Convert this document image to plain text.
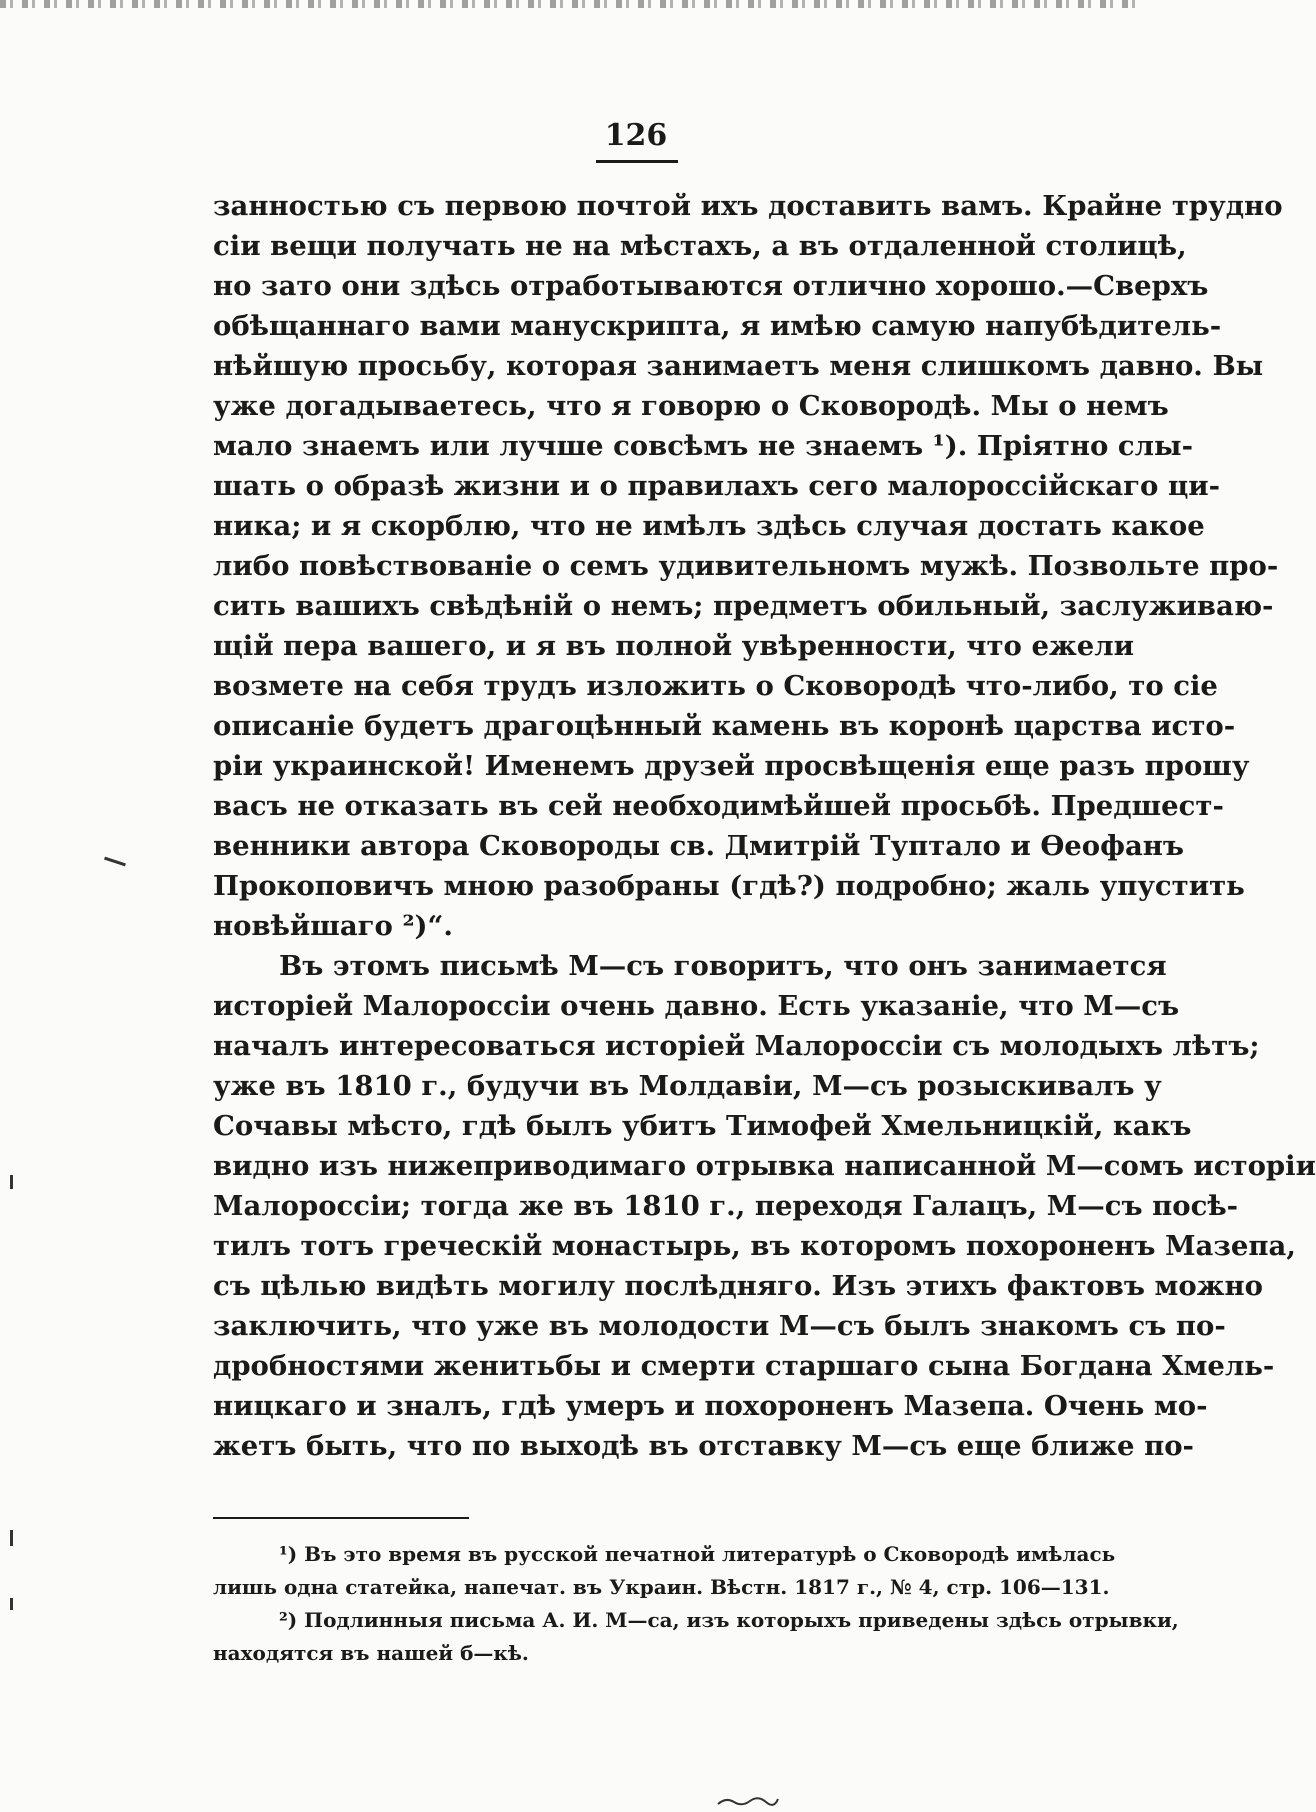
126
занностью съ первою почтой ихъ доставить вамъ. Крайне трудно
сіи вещи получать не на мѣстахъ, а въ отдаленной столицѣ,
но зато они здѣсь отработываются отлично хорошо.—Сверхъ
обѣщаннаго вами манускрипта, я имѣю самую напубѣдитель-
нѣйшую просьбу, которая занимаетъ меня слишкомъ давно. Вы
уже догадываетесь, что я говорю о Сковородѣ. Мы о немъ
мало знаемъ или лучше совсѣмъ не знаемъ ¹). Пріятно слы-
шать о образѣ жизни и о правилахъ сего малороссійскаго ци-
ника; и я скорблю, что не имѣлъ здѣсь случая достать какое
либо повѣствованіе о семъ удивительномъ мужѣ. Позвольте про-
сить вашихъ свѣдѣній о немъ; предметъ обильный, заслуживаю-
щій пера вашего, и я въ полной увѣренности, что ежели
возмете на себя трудъ изложить о Сковородѣ что-либо, то сіе
описаніе будетъ драгоцѣнный камень въ коронѣ царства исто-
ріи украинской! Именемъ друзей просвѣщенія еще разъ прошу
васъ не отказать въ сей необходимѣйшей просьбѣ. Предшест-
венники автора Сковороды св. Дмитрій Туптало и Ѳеофанъ
Прокоповичъ мною разобраны (гдѣ?) подробно; жаль упустить
новѣйшаго ²)“.
Въ этомъ письмѣ М—съ говоритъ, что онъ занимается
исторіей Малороссіи очень давно. Есть указаніе, что М—съ
началъ интересоваться исторіей Малороссіи съ молодыхъ лѣтъ;
уже въ 1810 г., будучи въ Молдавіи, М—съ розыскивалъ у
Сочавы мѣсто, гдѣ былъ убитъ Тимофей Хмельницкій, какъ
видно изъ нижеприводимаго отрывка написанной М—сомъ исторіи
Малороссіи; тогда же въ 1810 г., переходя Галацъ, М—съ посѣ-
тилъ тотъ греческій монастырь, въ которомъ похороненъ Мазепа,
съ цѣлью видѣть могилу послѣдняго. Изъ этихъ фактовъ можно
заключить, что уже въ молодости М—съ былъ знакомъ съ по-
дробностями женитьбы и смерти старшаго сына Богдана Хмель-
ницкаго и зналъ, гдѣ умеръ и похороненъ Мазепа. Очень мо-
жетъ быть, что по выходѣ въ отставку М—съ еще ближе по-
¹) Въ это время въ русской печатной литературѣ о Сковородѣ имѣлась
лишь одна статейка, напечат. въ Украин. Вѣстн. 1817 г., № 4, стр. 106—131.
²) Подлинныя письма А. И. М—са, изъ которыхъ приведены здѣсь отрывки,
находятся въ нашей б—кѣ.
